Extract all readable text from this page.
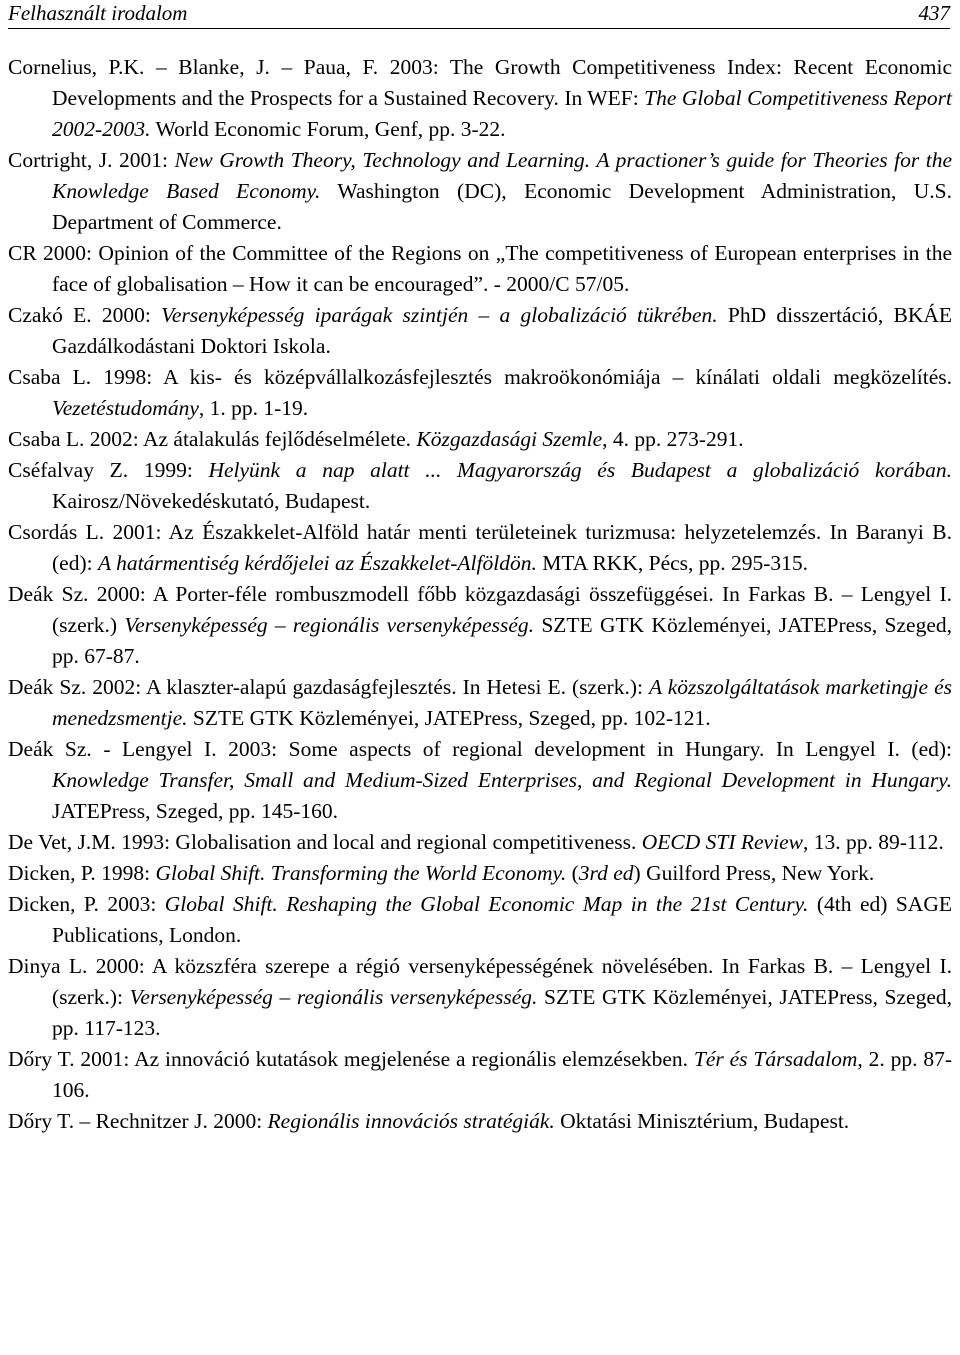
Felhasznált irodalom	437

Cornelius, P.K. – Blanke, J. – Paua, F. 2003: The Growth Competitiveness Index: Recent Economic Developments and the Prospects for a Sustained Recovery. In WEF: The Global Competitiveness Report 2002-2003. World Economic Forum, Genf, pp. 3-22.

Cortright, J. 2001: New Growth Theory, Technology and Learning. A practioner’s guide for Theories for the Knowledge Based Economy. Washington (DC), Economic Development Administration, U.S. Department of Commerce.

CR 2000: Opinion of the Committee of the Regions on „The competitiveness of European enterprises in the face of globalisation – How it can be encouraged”. - 2000/C 57/05.

Czakó E. 2000: Versenyképesség iparágak szintjén – a globalizáció tükrében. PhD disszertáció, BKÁE Gazdálkodástani Doktori Iskola.

Csaba L. 1998: A kis- és középvállalkozásfejlesztés makroökonómiája – kínálati oldali megközelítés. Vezetéstudomány, 1. pp. 1-19.

Csaba L. 2002: Az átalakulás fejlődéselmélete. Közgazdasági Szemle, 4. pp. 273-291.

Cséfalvay Z. 1999: Helyünk a nap alatt ... Magyarország és Budapest a globalizáció korában. Kairosz/Növekedéskutató, Budapest.

Csordás L. 2001: Az Északkelet-Alföld határ menti területeinek turizmusa: helyzetelemzés. In Baranyi B. (ed): A határmentiség kérdőjelei az Északkelet-Alföldön. MTA RKK, Pécs, pp. 295-315.

Deák Sz. 2000: A Porter-féle rombuszmodell főbb közgazdasági összefüggései. In Farkas B. – Lengyel I. (szerk.) Versenyképesség – regionális versenyképesség. SZTE GTK Közleményei, JATEPress, Szeged, pp. 67-87.

Deák Sz. 2002: A klaszter-alapú gazdaságfejlesztés. In Hetesi E. (szerk.): A közszolgáltatások marketingje és menedzsmentje. SZTE GTK Közleményei, JATEPress, Szeged, pp. 102-121.

Deák Sz. - Lengyel I. 2003: Some aspects of regional development in Hungary. In Lengyel I. (ed): Knowledge Transfer, Small and Medium-Sized Enterprises, and Regional Development in Hungary. JATEPress, Szeged, pp. 145-160.

De Vet, J.M. 1993: Globalisation and local and regional competitiveness. OECD STI Review, 13. pp. 89-112.

Dicken, P. 1998: Global Shift. Transforming the World Economy. (3rd ed) Guilford Press, New York.

Dicken, P. 2003: Global Shift. Reshaping the Global Economic Map in the 21st Century. (4th ed) SAGE Publications, London.

Dinya L. 2000: A közszféra szerepe a régió versenyképességének növelésében. In Farkas B. – Lengyel I. (szerk.): Versenyképesség – regionális versenyképesség. SZTE GTK Közleményei, JATEPress, Szeged, pp. 117-123.

Dőry T. 2001: Az innováció kutatások megjelenése a regionális elemzésekben. Tér és Társadalom, 2. pp. 87-106.

Dőry T. – Rechnitzer J. 2000: Regionális innovációs stratégiák. Oktatási Minisztérium, Budapest.
